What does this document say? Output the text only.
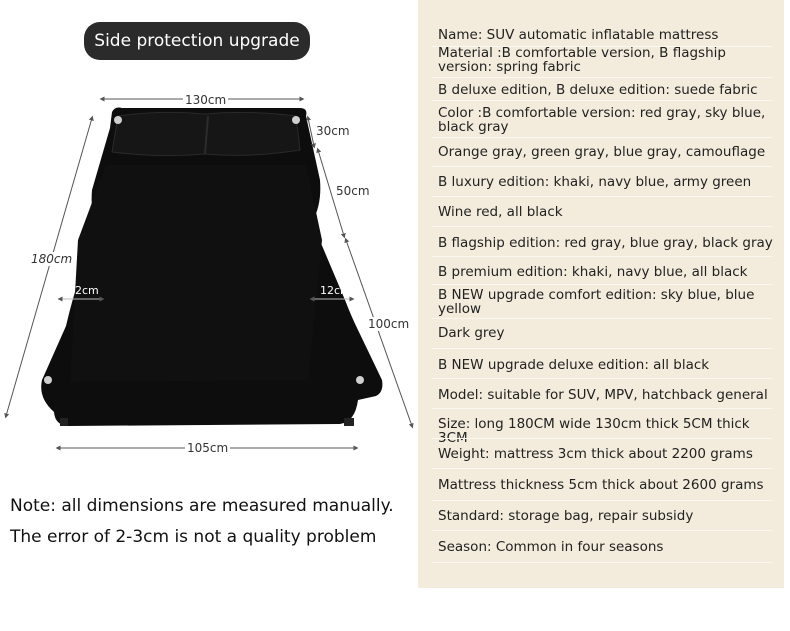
Side protection upgrade
130cm
30cm
50cm
180cm
12cm	12cm
100cm
105cm
Note: all dimensions are measured manually.
The error of 2-3cm is not a quality problem
Name: SUV automatic inflatable mattress
Material :B comfortable version, B flagship version: spring fabric
B deluxe edition, B deluxe edition: suede fabric
Color :B comfortable version: red gray, sky blue, black gray
Orange gray, green gray, blue gray, camouflage
B luxury edition: khaki, navy blue, army green
Wine red, all black
B flagship edition: red gray, blue gray, black gray
B premium edition: khaki, navy blue, all black
B NEW upgrade comfort edition: sky blue, blue yellow
Dark grey
B NEW upgrade deluxe edition: all black
Model: suitable for SUV, MPV, hatchback general
Size: long 180CM wide 130cm thick 5CM thick 3CM
Weight: mattress 3cm thick about 2200 grams
Mattress thickness 5cm thick about 2600 grams
Standard: storage bag, repair subsidy
Season: Common in four seasons
